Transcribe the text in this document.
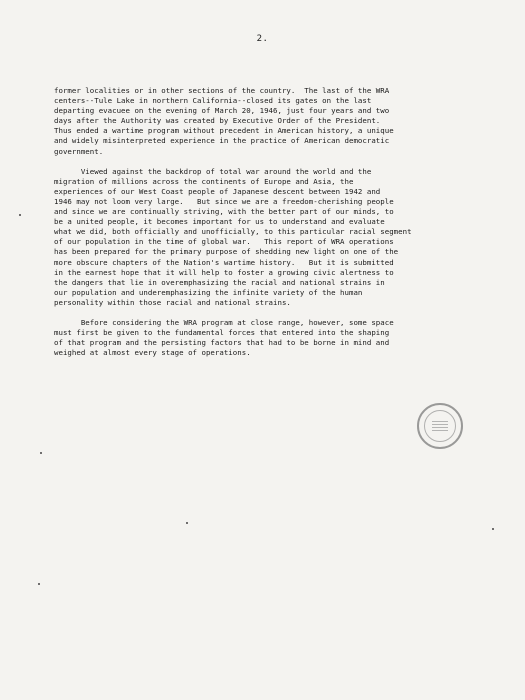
2.
former localities or in other sections of the country.  The last of the WRA
centers--Tule Lake in northern California--closed its gates on the last
departing evacuee on the evening of March 20, 1946, just four years and two
days after the Authority was created by Executive Order of the President.
Thus ended a wartime program without precedent in American history, a unique
and widely misinterpreted experience in the practice of American democratic
government.
Viewed against the backdrop of total war around the world and the
migration of millions across the continents of Europe and Asia, the
experiences of our West Coast people of Japanese descent between 1942 and
1946 may not loom very large.   But since we are a freedom-cherishing people
and since we are continually striving, with the better part of our minds, to
be a united people, it becomes important for us to understand and evaluate
what we did, both officially and unofficially, to this particular racial segment
of our population in the time of global war.   This report of WRA operations
has been prepared for the primary purpose of shedding new light on one of the
more obscure chapters of the Nation's wartime history.   But it is submitted
in the earnest hope that it will help to foster a growing civic alertness to
the dangers that lie in overemphasizing the racial and national strains in
our population and underemphasizing the infinite variety of the human
personality within those racial and national strains.
Before considering the WRA program at close range, however, some space
must first be given to the fundamental forces that entered into the shaping
of that program and the persisting factors that had to be borne in mind and
weighed at almost every stage of operations.
